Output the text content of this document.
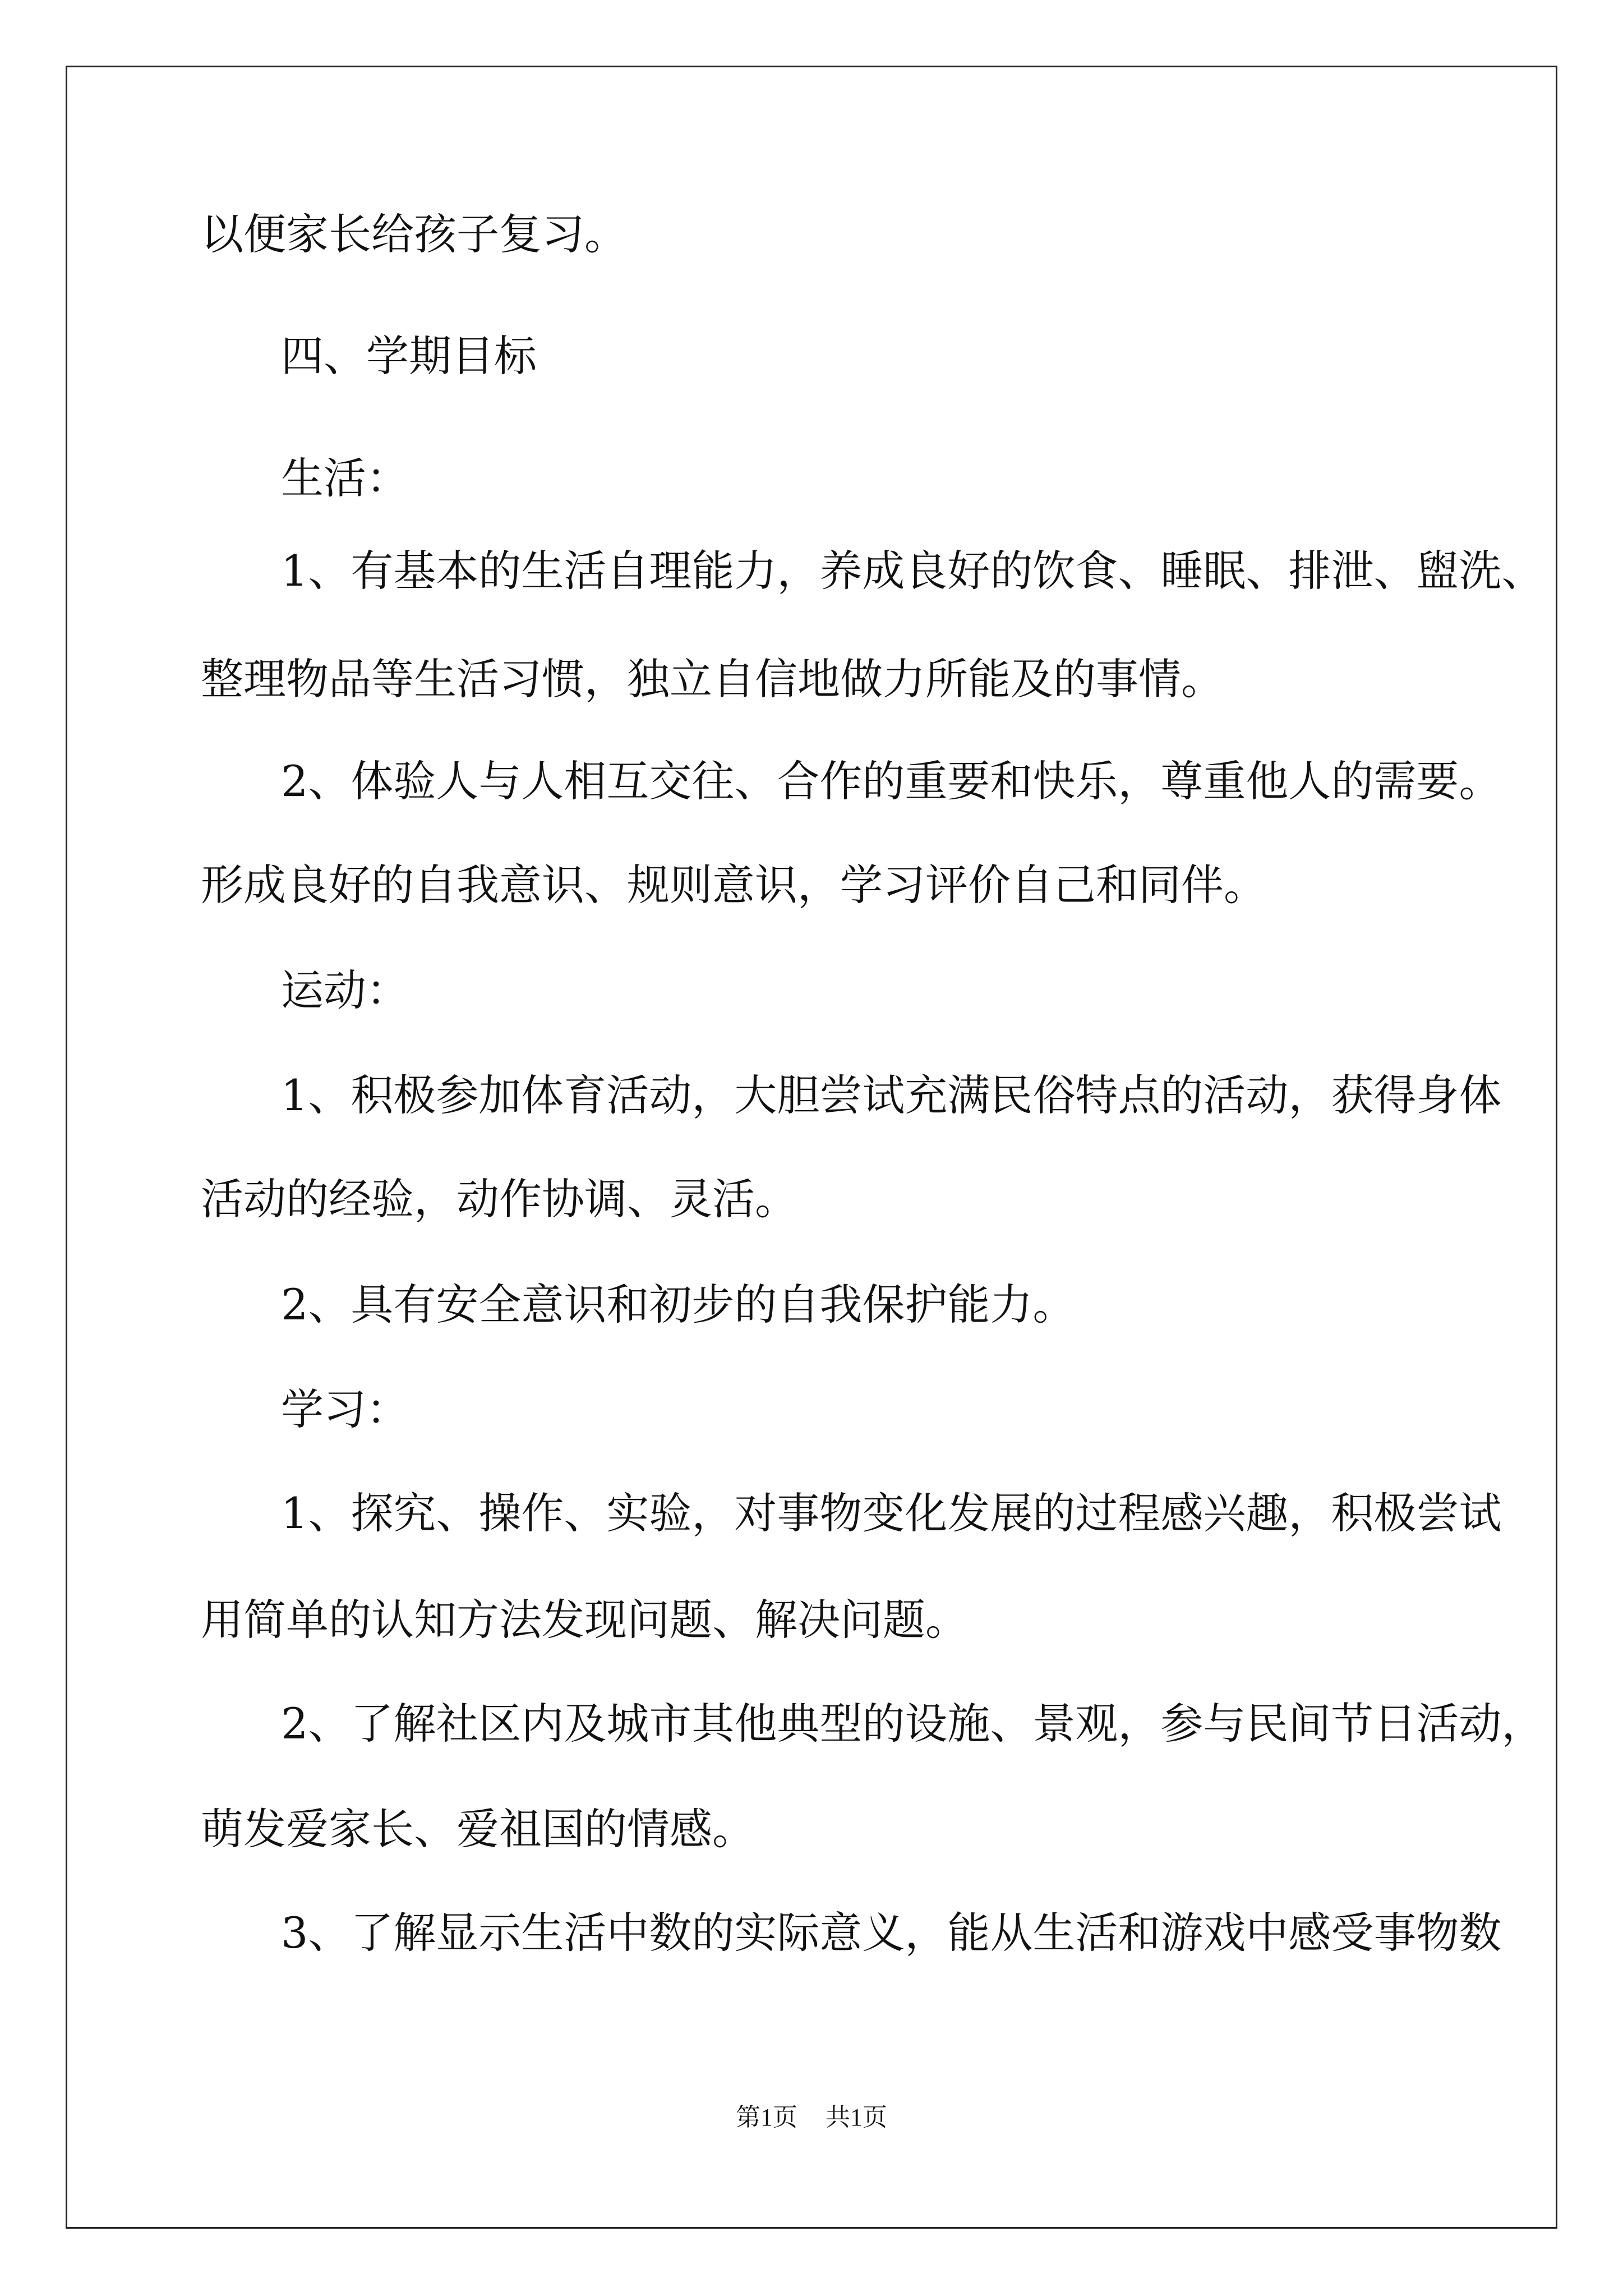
以便家长给孩子复习。
四、学期目标
生活：
1、有基本的生活自理能力，养成良好的饮食、睡眠、排泄、盥洗、
整理物品等生活习惯，独立自信地做力所能及的事情。
2、体验人与人相互交往、合作的重要和快乐，尊重他人的需要。
形成良好的自我意识、规则意识，学习评价自己和同伴。
运动：
1、积极参加体育活动，大胆尝试充满民俗特点的活动，获得身体
活动的经验，动作协调、灵活。
2、具有安全意识和初步的自我保护能力。
学习：
1、探究、操作、实验，对事物变化发展的过程感兴趣，积极尝试
用简单的认知方法发现问题、解决问题。
2、了解社区内及城市其他典型的设施、景观，参与民间节日活动，
萌发爱家长、爱祖国的情感。
3、了解显示生活中数的实际意义，能从生活和游戏中感受事物数
第1页 共1页
